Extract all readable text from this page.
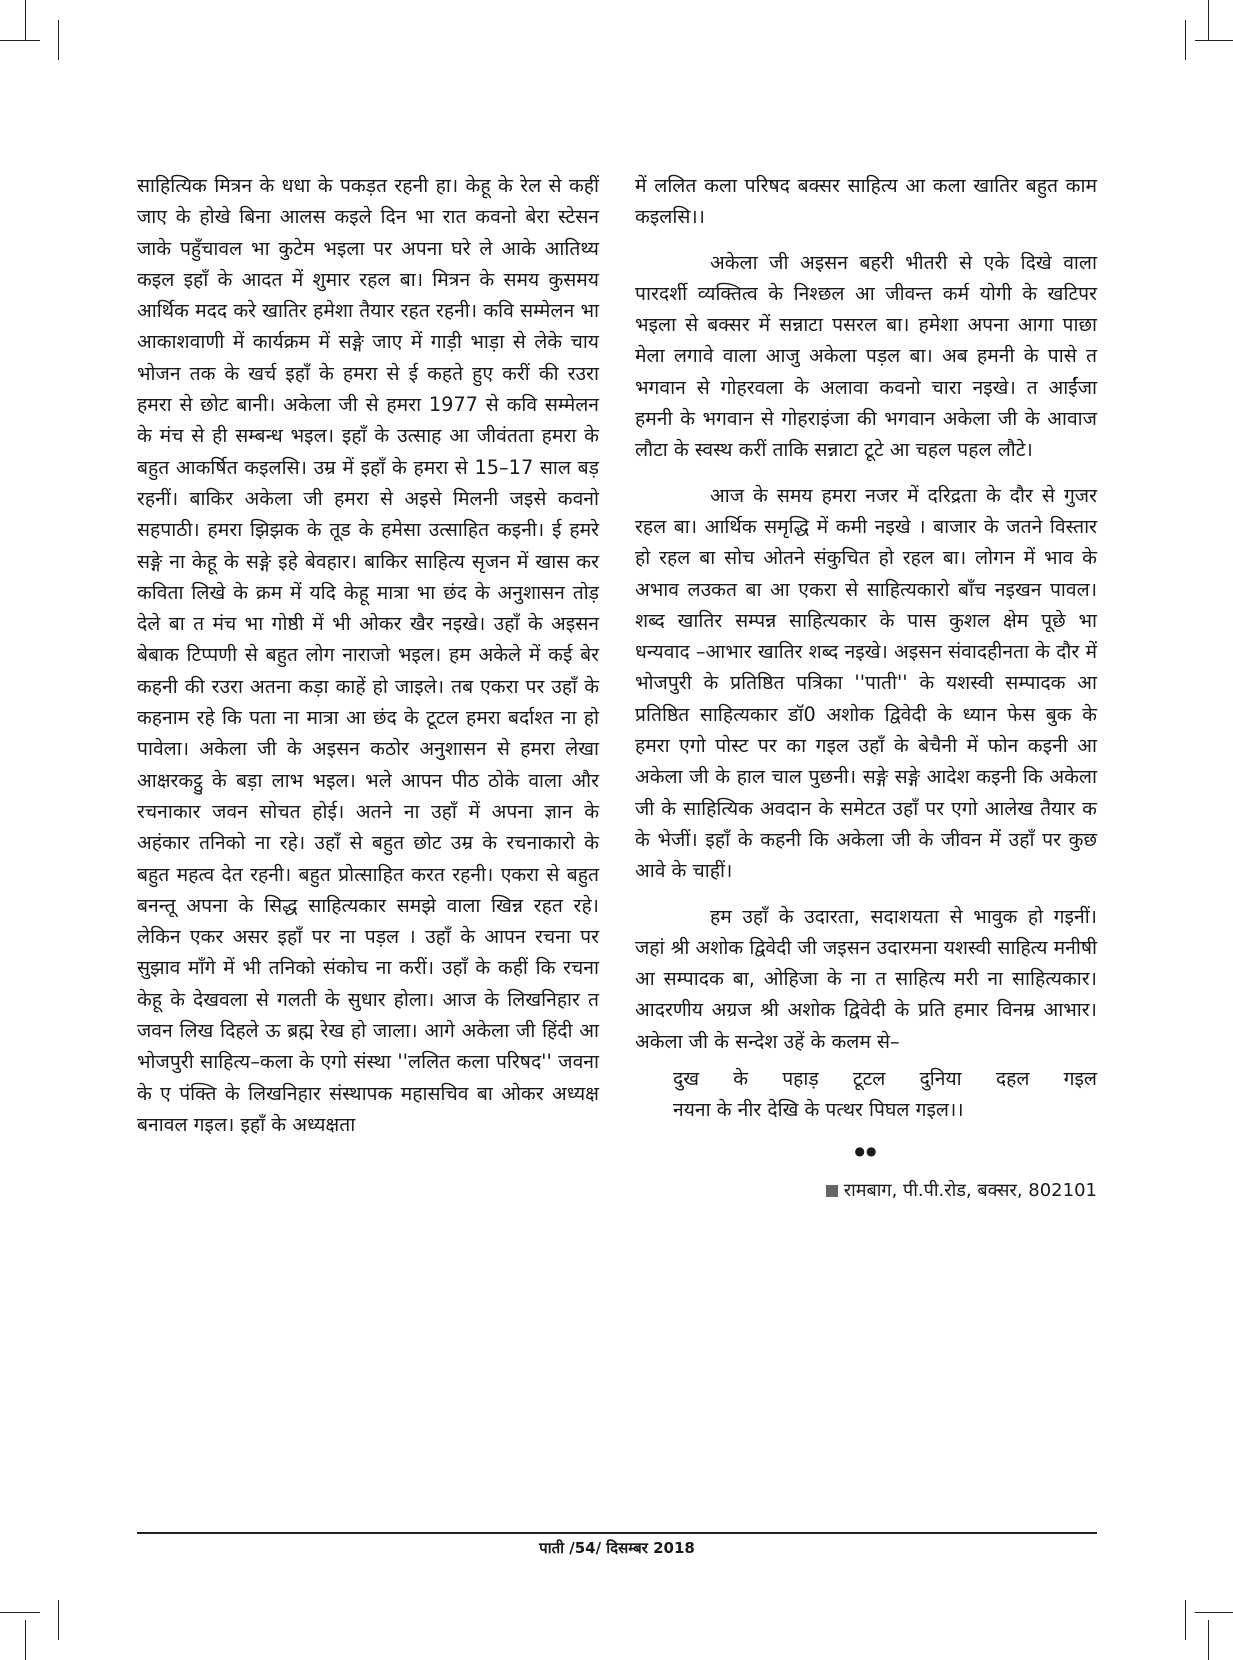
साहित्यिक मित्रन के धधा के पकड़त रहनी हा। केहू के रेल से कहीं जाए के होखे बिना आलस कइले दिन भा रात कवनो बेरा स्टेसन जाके पहुँचावल भा कुटेम भइला पर अपना घरे ले आके आतिथ्य कइल इहाँ के आदत में शुमार रहल बा। मित्रन के समय कुसमय आर्थिक मदद करे खातिर हमेशा तैयार रहत रहनी। कवि सम्मेलन भा आकाशवाणी में कार्यक्रम में सङ्गे जाए में गाड़ी भाड़ा से लेके चाय भोजन तक के खर्च इहाँ के हमरा से ई कहते हुए करीं की रउरा हमरा से छोट बानी। अकेला जी से हमरा 1977 से कवि सम्मेलन के मंच से ही सम्बन्ध भइल। इहाँ के उत्साह आ जीवंतता हमरा के बहुत आकर्षित कइलसि। उम्र में इहाँ के हमरा से 15–17 साल बड़ रहनीं। बाकिर अकेला जी हमरा से अइसे मिलनी जइसे कवनो सहपाठी। हमरा झिझक के तूड के हमेसा उत्साहित कइनी। ई हमरे सङ्गे ना केहू के सङ्गे इहे बेवहार। बाकिर साहित्य सृजन में खास कर कविता लिखे के क्रम में यदि केहू मात्रा भा छंद के अनुशासन तोड़ देले बा त मंच भा गोष्ठी में भी ओकर खैर नइखे। उहाँ के अइसन बेबाक टिप्पणी से बहुत लोग नाराजो भइल। हम अकेले में कई बेर कहनी की रउरा अतना कड़ा काहें हो जाइले। तब एकरा पर उहाँ के कहनाम रहे कि पता ना मात्रा आ छंद के टूटल हमरा बर्दाश्त ना हो पावेला। अकेला जी के अइसन कठोर अनुशासन से हमरा लेखा आक्षरकट्ठु के बड़ा लाभ भइल। भले आपन पीठ ठोके वाला और रचनाकार जवन सोचत होई। अतने ना उहाँ में अपना ज्ञान के अहंकार तनिको ना रहे। उहाँ से बहुत छोट उम्र के रचनाकारो के बहुत महत्व देत रहनी। बहुत प्रोत्साहित करत रहनी। एकरा से बहुत बनन्तू अपना के सिद्ध साहित्यकार समझे वाला खिन्न रहत रहे। लेकिन एकर असर इहाँ पर ना पड़ल । उहाँ के आपन रचना पर सुझाव माँगे में भी तनिको संकोच ना करीं। उहाँ के कहीं कि रचना केहू के देखवला से गलती के सुधार होला। आज के लिखनिहार त जवन लिख दिहले ऊ ब्रह्म रेख हो जाला। आगे अकेला जी हिंदी आ भोजपुरी साहित्य–कला के एगो संस्था ''ललित कला परिषद'' जवना के ए पंक्ति के लिखनिहार संस्थापक महासचिव बा ओकर अध्यक्ष बनावल गइल। इहाँ के अध्यक्षता

में ललित कला परिषद बक्सर साहित्य आ कला खातिर बहुत काम कइलसि।।

अकेला जी अइसन बहरी भीतरी से एके दिखे वाला पारदर्शी व्यक्तित्व के निश्छल आ जीवन्त कर्म योगी के खटिपर भइला से बक्सर में सन्नाटा पसरल बा। हमेशा अपना आगा पाछा मेला लगावे वाला आजु अकेला पड़ल बा। अब हमनी के पासे त भगवान से गोहरवला के अलावा कवनो चारा नइखे। त आईंजा हमनी के भगवान से गोहराइंजा की भगवान अकेला जी के आवाज लौटा के स्वस्थ करीं ताकि सन्नाटा टूटे आ चहल पहल लौटे।

आज के समय हमरा नजर में दरिद्रता के दौर से गुजर रहल बा। आर्थिक समृद्धि में कमी नइखे । बाजार के जतने विस्तार हो रहल बा सोच ओतने संकुचित हो रहल बा। लोगन में भाव के अभाव लउकत बा आ एकरा से साहित्यकारो बाँच नइखन पावल। शब्द खातिर सम्पन्न साहित्यकार के पास कुशल क्षेम पूछे भा धन्यवाद –आभार खातिर शब्द नइखे। अइसन संवादहीनता के दौर में भोजपुरी के प्रतिष्ठित पत्रिका ''पाती'' के यशस्वी सम्पादक आ प्रतिष्ठित साहित्यकार डॉ0 अशोक द्विवेदी के ध्यान फेस बुक के हमरा एगो पोस्ट पर का गइल उहाँ के बेचैनी में फोन कइनी आ अकेला जी के हाल चाल पुछनी। सङ्गे सङ्गे आदेश कइनी कि अकेला जी के साहित्यिक अवदान के समेटत उहाँ पर एगो आलेख तैयार क के भेजीं। इहाँ के कहनी कि अकेला जी के जीवन में उहाँ पर कुछ आवे के चाहीं।

हम उहाँ के उदारता, सदाशयता से भावुक हो गइनीं। जहां श्री अशोक द्विवेदी जी जइसन उदारमना यशस्वी साहित्य मनीषी आ सम्पादक बा, ओहिजा के ना त साहित्य मरी ना साहित्यकार। आदरणीय अग्रज श्री अशोक द्विवेदी के प्रति हमार विनम्र आभार। अकेला जी के सन्देश उहें के कलम से–

दुख के पहाड़ टूटल दुनिया दहल गइल
नयना के नीर देखि के पत्थर पिघल गइल।।
●●
रामबाग, पी.पी.रोड, बक्सर, 802101
पाती /54/ दिसम्बर 2018
